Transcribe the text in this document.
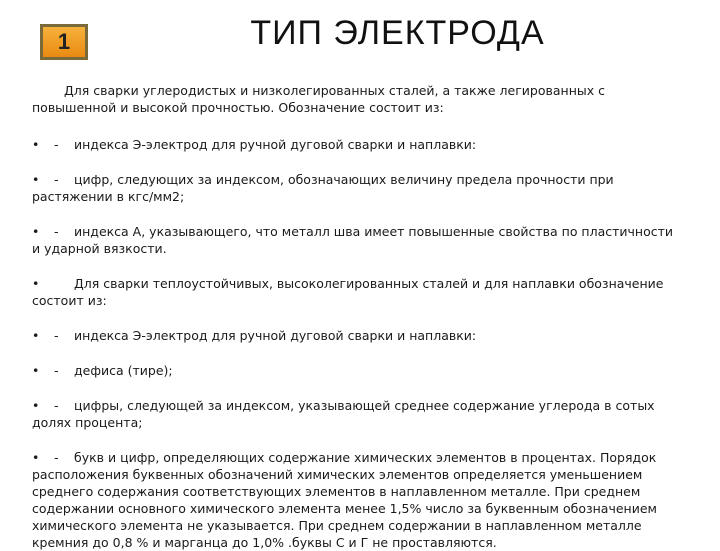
1	ТИП ЭЛЕКТРОДА

Для сварки углеродистых и низколегированных сталей, а также легированных с повышенной и высокой прочностью. Обозначение состоит из:

• - индекса Э-электрод для ручной дуговой сварки и наплавки:

• - цифр, следующих за индексом, обозначающих величину предела прочности при растяжении в кгс/мм2;

• - индекса А, указывающего, что металл шва имеет повышенные свойства по пластичности и ударной вязкости.

•	Для сварки теплоустойчивых, высоколегированных сталей и для наплавки обозначение состоит из:

• - индекса Э-электрод для ручной дуговой сварки и наплавки:

• - дефиса (тире);

• - цифры, следующей за индексом, указывающей среднее содержание углерода в сотых долях процента;

• - букв и цифр, определяющих содержание химических элементов в процентах. Порядок расположения буквенных обозначений химических элементов определяется уменьшением среднего содержания соответствующих элементов в наплавленном металле. При среднем содержании основного химического элемента менее 1,5% число за буквенным обозначением химического элемента не указывается. При среднем содержании в наплавленном металле кремния до 0,8 % и марганца до 1,0% .буквы С и Г не проставляются.
